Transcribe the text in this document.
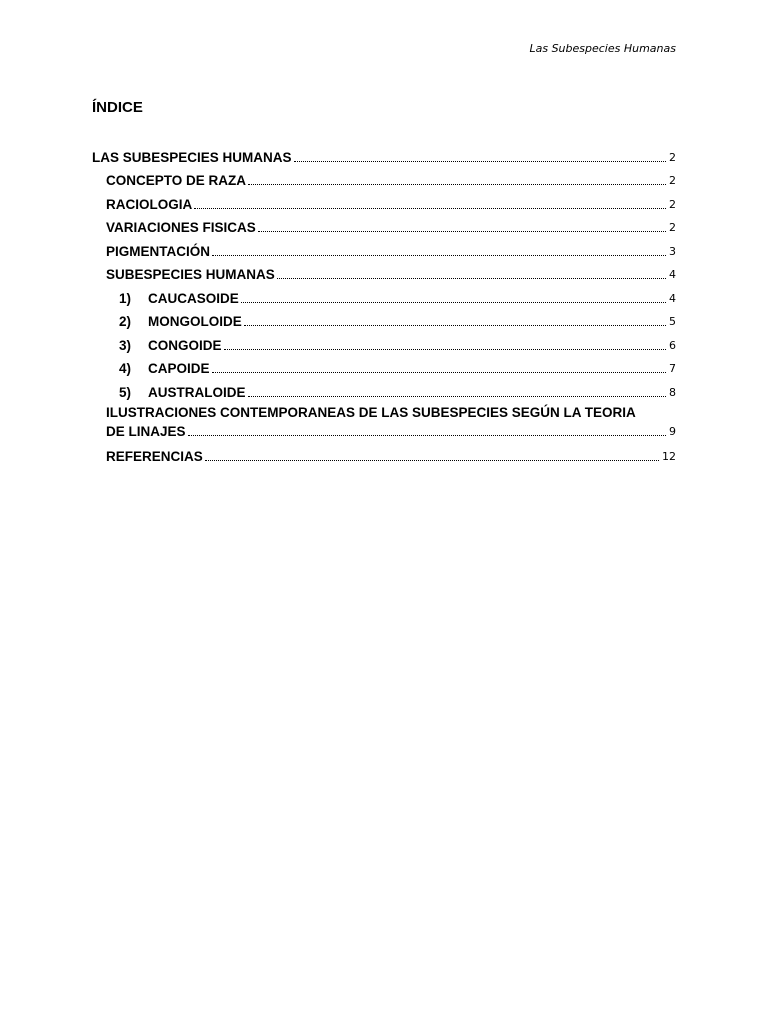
Las Subespecies Humanas
ÍNDICE
LAS SUBESPECIES HUMANAS	2
CONCEPTO DE RAZA	2
RACIOLOGIA	2
VARIACIONES FISICAS	2
PIGMENTACIÓN	3
SUBESPECIES HUMANAS	4
1)	CAUCASOIDE	4
2)	MONGOLOIDE	5
3)	CONGOIDE	6
4)	CAPOIDE	7
5)	AUSTRALOIDE	8
ILUSTRACIONES CONTEMPORANEAS DE LAS SUBESPECIES SEGÚN LA TEORIA
DE LINAJES	9
REFERENCIAS	12
